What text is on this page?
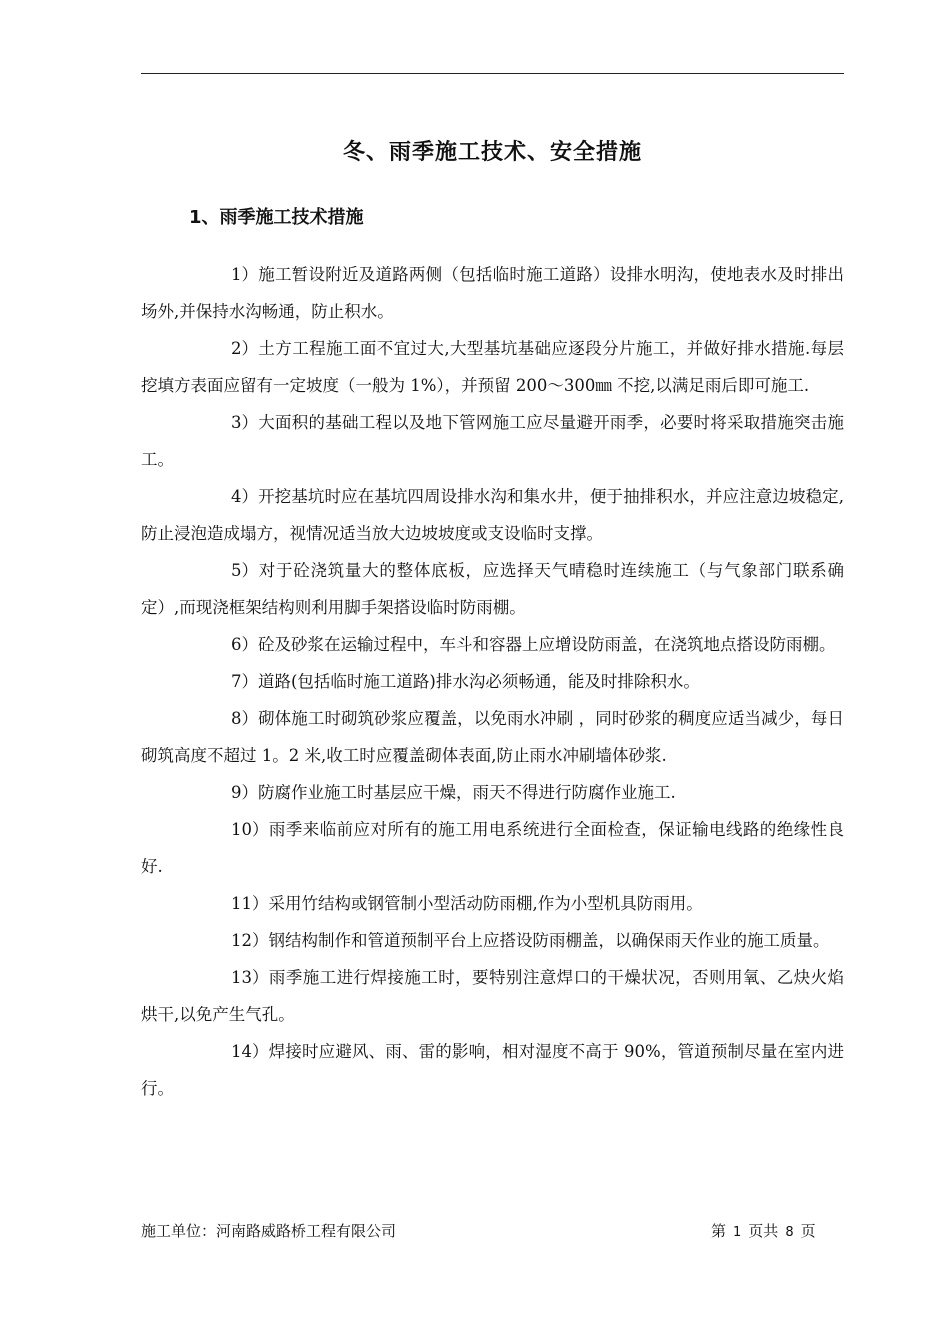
冬、雨季施工技术、安全措施
1、雨季施工技术措施

1）施工暂设附近及道路两侧（包括临时施工道路）设排水明沟，使地表水及时排出场外,并保持水沟畅通，防止积水。

2）土方工程施工面不宜过大,大型基坑基础应逐段分片施工，并做好排水措施.每层挖填方表面应留有一定坡度（一般为 1%），并预留 200～300㎜ 不挖,以满足雨后即可施工.

3）大面积的基础工程以及地下管网施工应尽量避开雨季，必要时将采取措施突击施工。

4）开挖基坑时应在基坑四周设排水沟和集水井，便于抽排积水，并应注意边坡稳定,防止浸泡造成塌方，视情况适当放大边坡坡度或支设临时支撑。

5）对于砼浇筑量大的整体底板，应选择天气晴稳时连续施工（与气象部门联系确定）,而现浇框架结构则利用脚手架搭设临时防雨棚。

6）砼及砂浆在运输过程中，车斗和容器上应增设防雨盖，在浇筑地点搭设防雨棚。

7）道路(包括临时施工道路)排水沟必须畅通，能及时排除积水。

8）砌体施工时砌筑砂浆应覆盖，以免雨水冲刷 ，同时砂浆的稠度应适当减少，每日砌筑高度不超过 1。2 米,收工时应覆盖砌体表面,防止雨水冲刷墙体砂浆.

9）防腐作业施工时基层应干燥，雨天不得进行防腐作业施工.

10）雨季来临前应对所有的施工用电系统进行全面检查，保证输电线路的绝缘性良好.

11）采用竹结构或钢管制小型活动防雨棚,作为小型机具防雨用。

12）钢结构制作和管道预制平台上应搭设防雨棚盖，以确保雨天作业的施工质量。

13）雨季施工进行焊接施工时，要特别注意焊口的干燥状况，否则用氧、乙炔火焰烘干,以免产生气孔。

14）焊接时应避风、雨、雷的影响，相对湿度不高于 90%，管道预制尽量在室内进行。

施工单位：河南路威路桥工程有限公司	第 1 页共 8 页
